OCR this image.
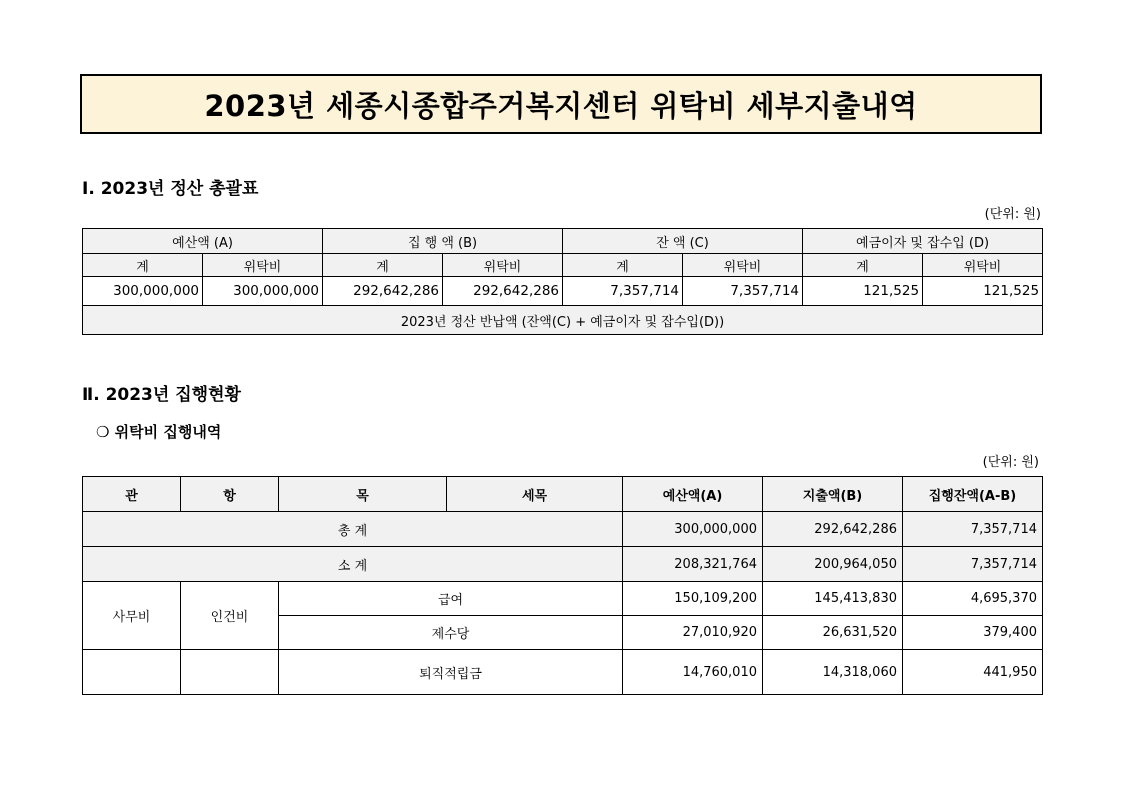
2023년 세종시종합주거복지센터 위탁비 세부지출내역
Ⅰ. 2023년 정산 총괄표
(단위: 원)
예산액 (A)		집 행 액 (B)		잔 액 (C)		예금이자 및 잡수입 (D)	
계	위탁비	계	위탁비	계	위탁비	계	위탁비
300,000,000	300,000,000	292,642,286	292,642,286	7,357,714	7,357,714	121,525	121,525
2023년 정산 반납액 (잔액(C) + 예금이자 및 잡수입(D))							
Ⅱ. 2023년 집행현황
❍ 위탁비 집행내역
(단위: 원)
관	항	목	세목	예산액(A)	지출액(B)	집행잔액(A-B)
총 계				300,000,000	292,642,286	7,357,714
소 계				208,321,764	200,964,050	7,357,714
사무비	인건비	급여		150,109,200	145,413,830	4,695,370
		제수당		27,010,920	26,631,520	379,400
		퇴직적립금		14,760,010	14,318,060	441,950
